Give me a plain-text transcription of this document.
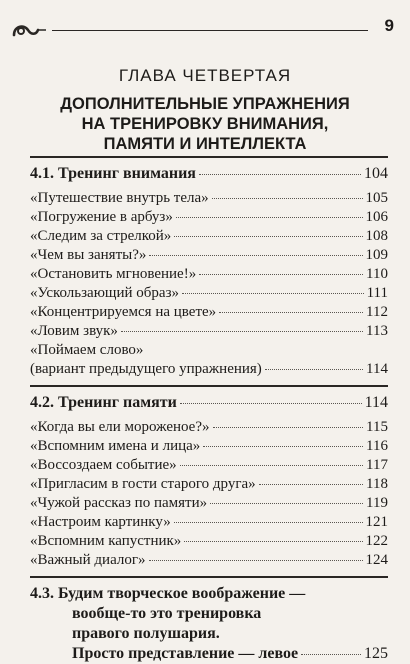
9
ГЛАВА ЧЕТВЕРТАЯ
ДОПОЛНИТЕЛЬНЫЕ УПРАЖНЕНИЯ
НА ТРЕНИРОВКУ ВНИМАНИЯ,
ПАМЯТИ И ИНТЕЛЛЕКТА
4.1. Тренинг внимания	104
«Путешествие внутрь тела»	105
«Погружение в арбуз»	106
«Следим за стрелкой»	108
«Чем вы заняты?»	109
«Остановить мгновение!»	110
«Ускользающий образ»	111
«Концентрируемся на цвете»	112
«Ловим звук»	113
«Поймаем слово»
(вариант предыдущего упражнения)	114
4.2. Тренинг памяти	114
«Когда вы ели мороженое?»	115
«Вспомним имена и лица»	116
«Воссоздаем событие»	117
«Пригласим в гости старого друга»	118
«Чужой рассказ по памяти»	119
«Настроим картинку»	121
«Вспомним капустник»	122
«Важный диалог»	124
4.3. Будим творческое воображение —
вообще-то это тренировка
правого полушария.
Просто представление — левое	125
